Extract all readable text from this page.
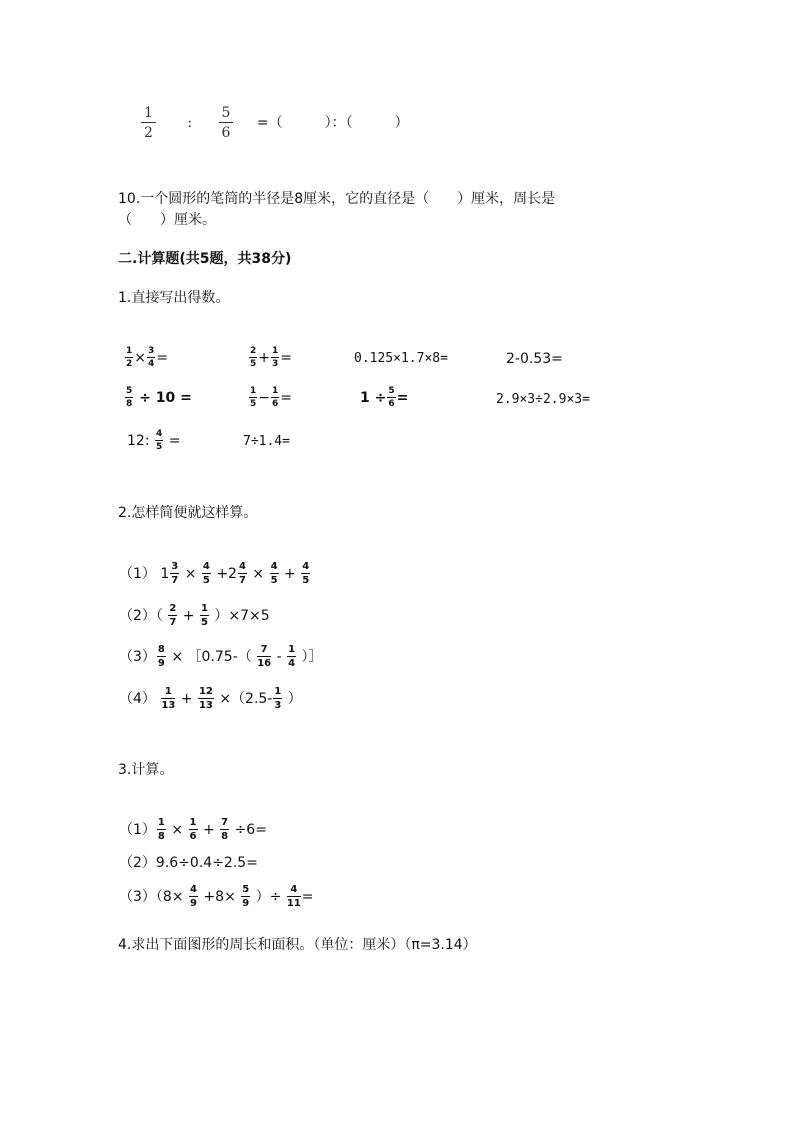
$\frac{1}{2}$ : $\frac{5}{6}$ =（　　　）：（　　　）
10.一个圆形的笔筒的半径是8厘米，它的直径是（　　）厘米，周长是
（　　）厘米。
二.计算题(共5题，共38分)
1.直接写出得数。
$\frac{1}{2} \times \frac{3}{4}$ =	$\frac{2}{5} + \frac{1}{3}$ =	0.125×1.7×8=	2-0.53=
$\frac{5}{8} \div 10$ =	$\frac{1}{5} - \frac{1}{6}$ =	$1 \div \frac{5}{6}$ =	2.9×3÷2.9×3=
12: $\frac{4}{5}$ =	7÷1.4=
2.怎样简便就这样算。
（1） $1 \frac{3}{7} \times \frac{4}{5} +2 \frac{4}{7} \times \frac{4}{5} + \frac{4}{5}$
$(2)( \frac{2}{7} + \frac{1}{5} )\times 7\times 5$
$(3) \frac{8}{9}$ × ［0.75-（ $\frac{7}{16} - \frac{1}{4}$ ）］
$(4) \frac{1}{13} + \frac{12}{13} \times(2.5- \frac{1}{3}$ ）
3.计算。
$(1) \frac{1}{8} \times \frac{1}{6} + \frac{7}{8} \div 6=$
（2）9.6÷0.4÷2.5=
$(3)(8\times \frac{4}{9} +8\times \frac{5}{9}$ ）÷ $\frac{4}{11}$ =
4.求出下面图形的周长和面积。（单位：厘米）（π=3.14）
